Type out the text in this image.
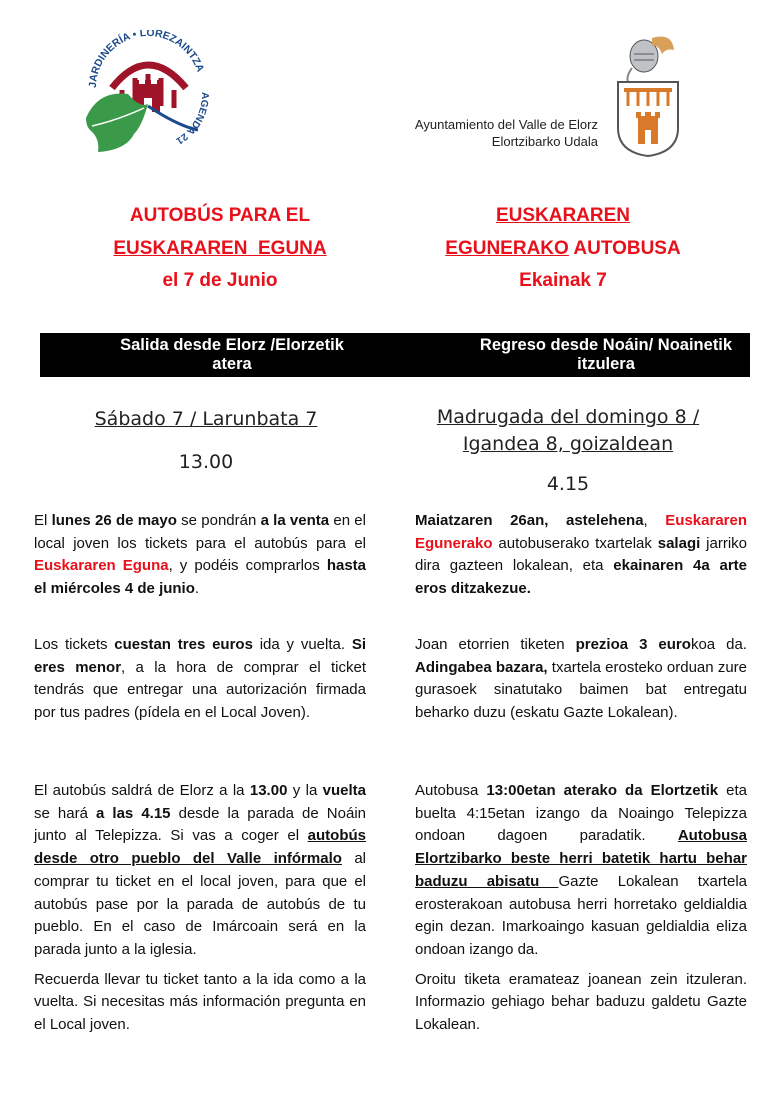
JARDINERÍA • LOREZAINTZA
AGENDA 21
Ayuntamiento del Valle de Elorz
Elortzibarko Udala
AUTOBÚS PARA EL
EUSKARAREN  EGUNA
el 7 de Junio
EUSKARAREN
EGUNERAKO AUTOBUSA
Ekainak 7
Salida desde Elorz /Elorzetik
atera
Regreso desde Noáin/ Noainetik
itzulera
Sábado 7 / Larunbata 7
13.00
Madrugada del domingo 8 /
Igandea 8, goizaldean
4.15

El lunes 26 de mayo se pondrán a la venta en el local joven los tickets para el autobús para el Euskararen Eguna, y podéis comprarlos hasta el miércoles 4 de junio.

Los tickets cuestan tres euros ida y vuelta. Si eres menor, a la hora de comprar el ticket tendrás que entregar una autorización firmada por tus padres (pídela en el Local Joven).

El autobús saldrá de Elorz a la 13.00 y la vuelta se hará a las 4.15 desde la parada de Noáin junto al Telepizza. Si vas a coger el autobús desde otro pueblo del Valle infórmalo al comprar tu ticket en el local joven, para que el autobús pase por la parada de autobús de tu pueblo. En el caso de Imárcoain será en la parada junto a la iglesia.

Recuerda llevar tu ticket tanto a la ida como a la vuelta. Si necesitas más información pregunta en el Local joven.

Maiatzaren 26an, astelehena, Euskararen Egunerako autobuserako txartelak salagi jarriko dira gazteen lokalean, eta ekainaren 4a arte eros ditzakezue.

Joan etorrien tiketen prezioa 3 eurokoa da. Adingabea bazara, txartela erosteko orduan zure gurasoek sinatutako baimen bat entregatu beharko duzu (eskatu Gazte Lokalean).

Autobusa 13:00etan aterako da Elortzetik eta buelta 4:15etan izango da Noaingo Telepizza ondoan dagoen paradatik. Autobusa Elortzibarko beste herri batetik hartu behar baduzu abisatu Gazte Lokalean txartela erosterakoan autobusa herri horretako geldialdia egin dezan. Imarkoaingo kasuan geldialdia eliza ondoan izango da.

Oroitu tiketa eramateaz joanean zein itzuleran. Informazio gehiago behar baduzu galdetu Gazte Lokalean.
